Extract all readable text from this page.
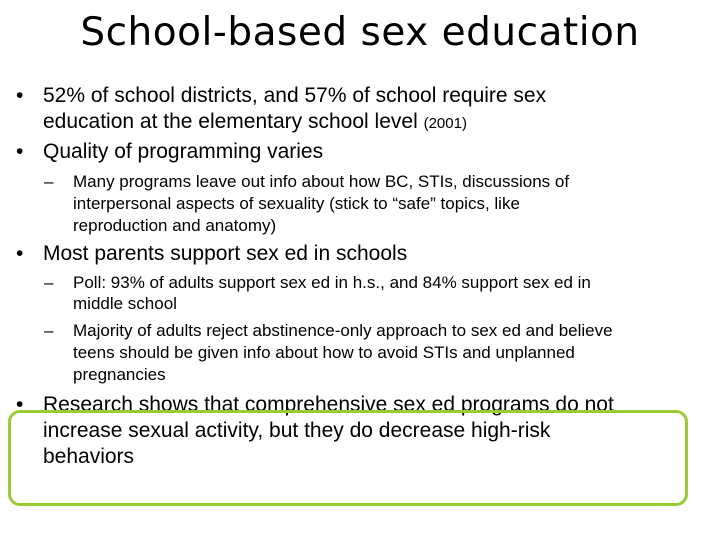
School-based sex education
• 52% of school districts, and 57% of school require sex
education at the elementary school level (2001)
• Quality of programming varies
– Many programs leave out info about how BC, STIs, discussions of
interpersonal aspects of sexuality (stick to “safe” topics, like
reproduction and anatomy)
• Most parents support sex ed in schools
– Poll: 93% of adults support sex ed in h.s., and 84% support sex ed in
middle school
– Majority of adults reject abstinence-only approach to sex ed and believe
teens should be given info about how to avoid STIs and unplanned
pregnancies
• Research shows that comprehensive sex ed programs do not
increase sexual activity, but they do decrease high-risk
behaviors
